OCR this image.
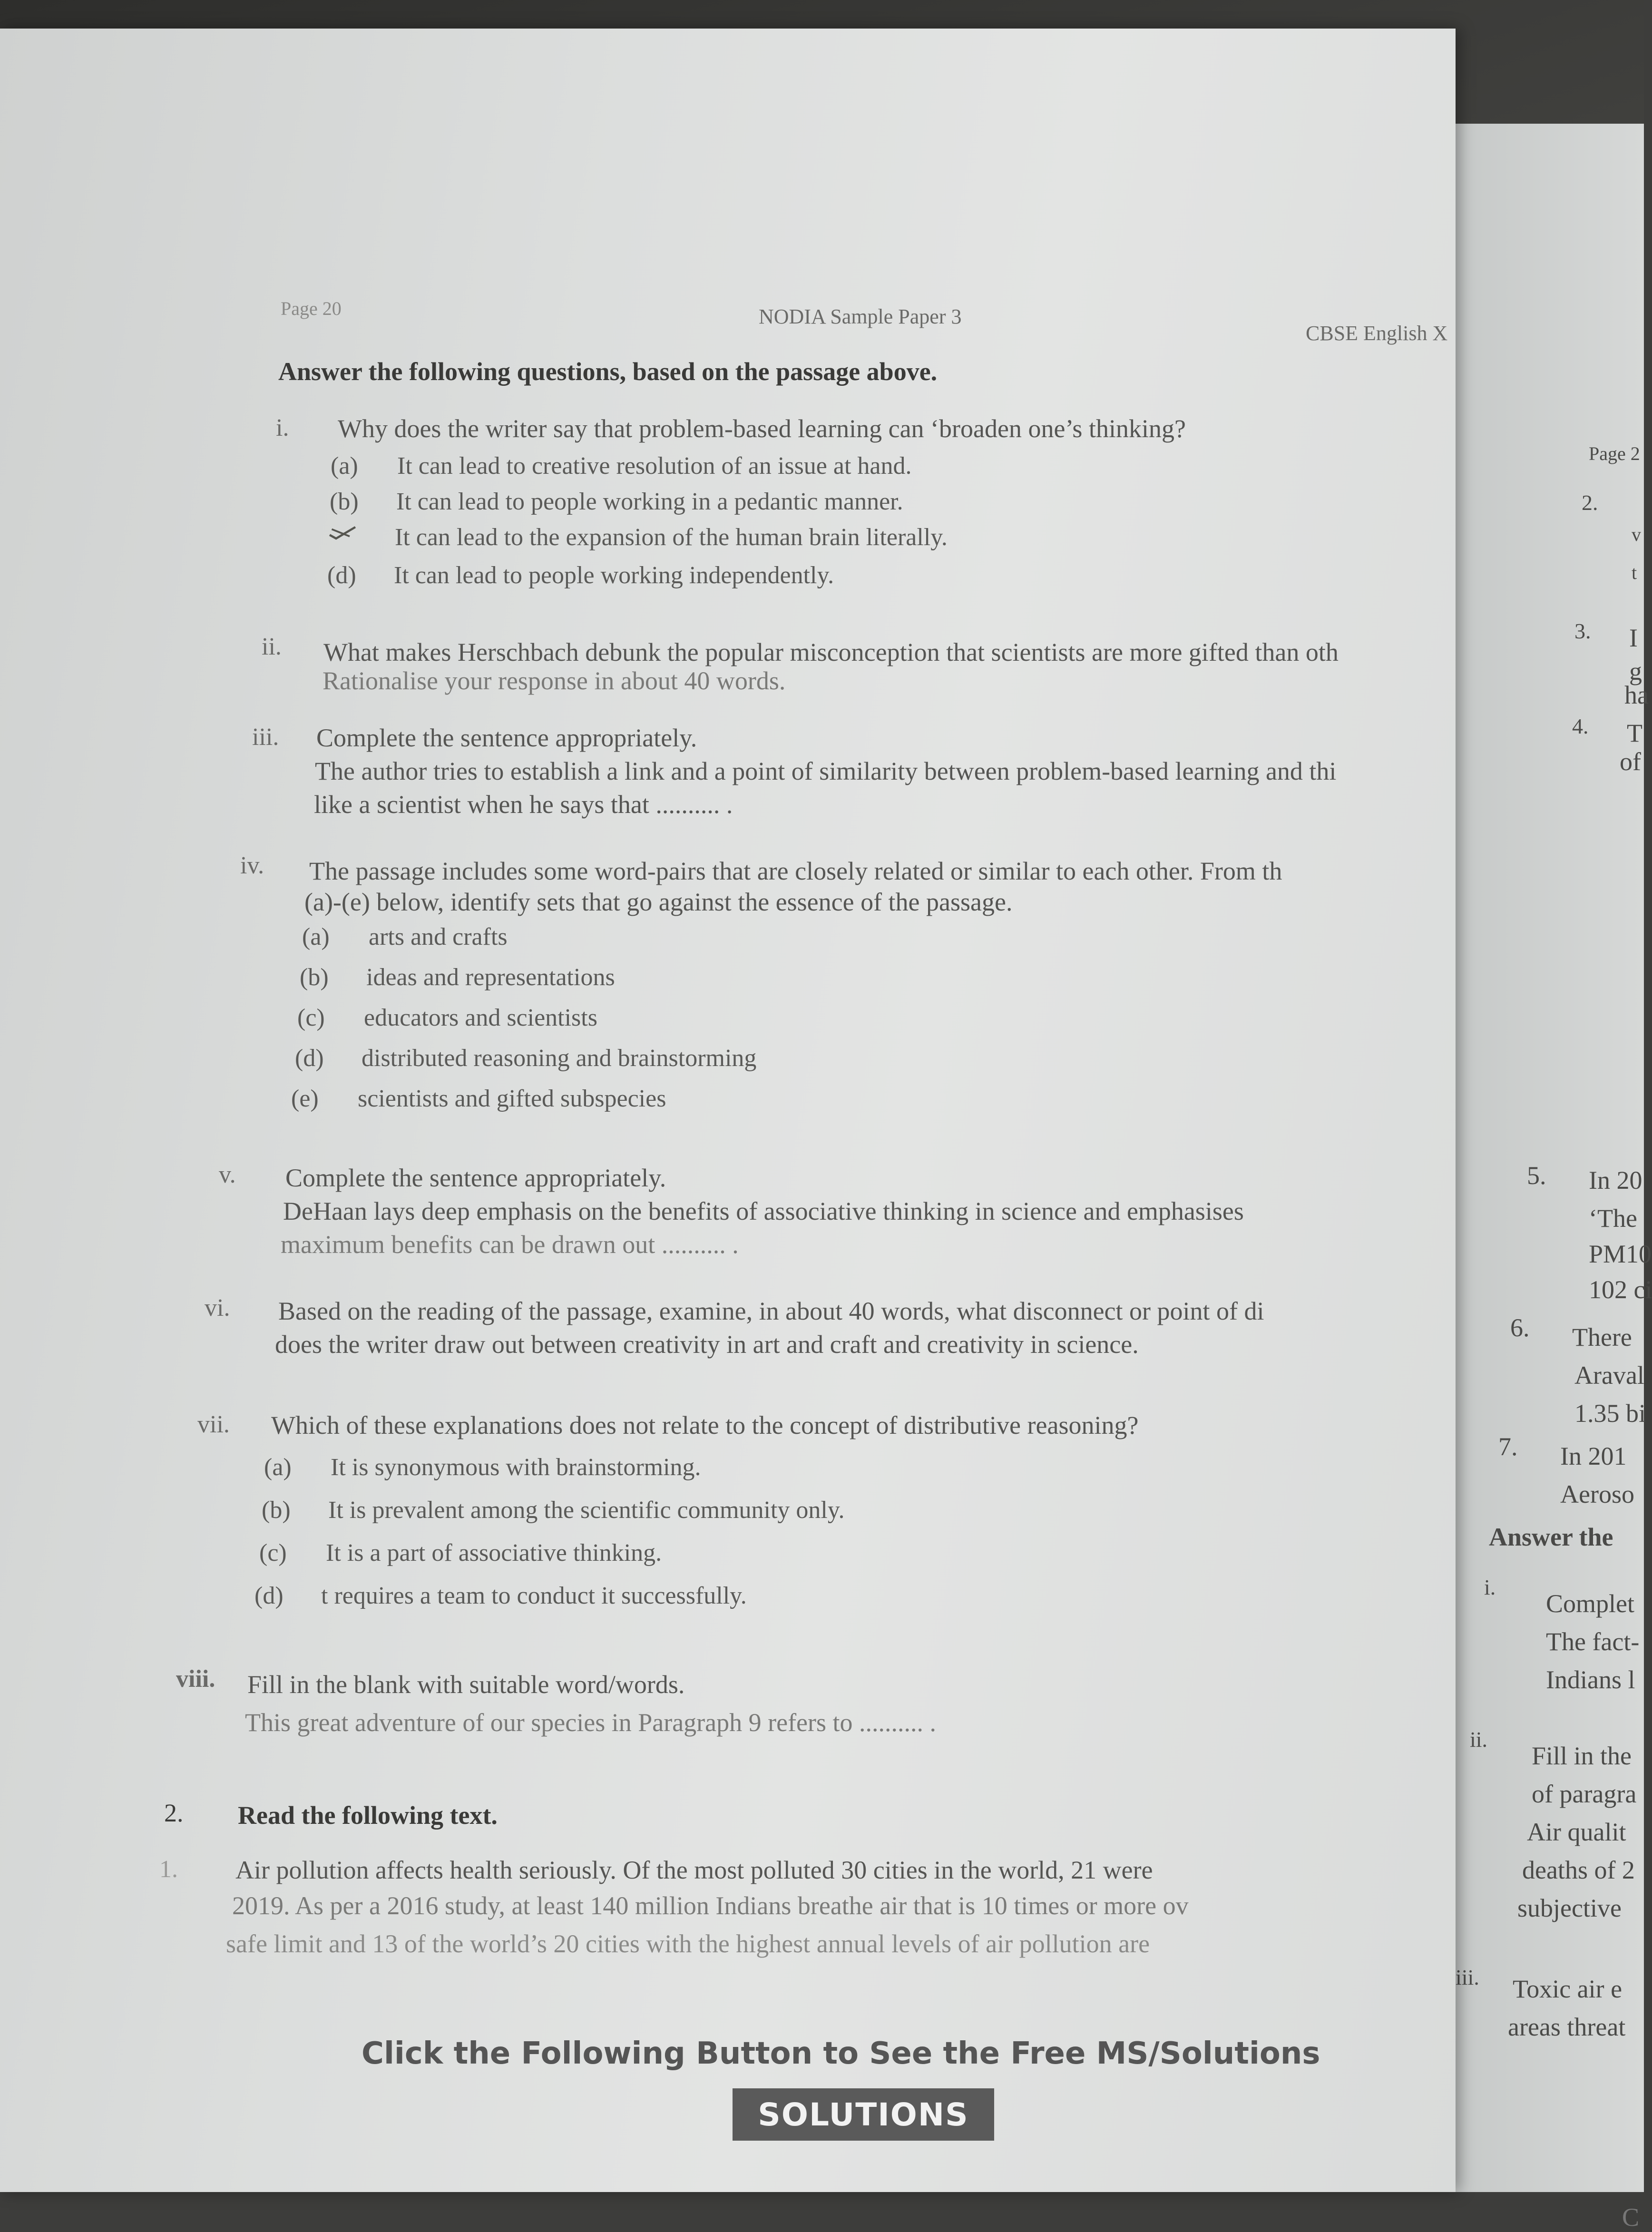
Page 2
2.
v
t
3. I
g
ha
4. T
of
5. In 20
‘The
PM10
102 ci
6. There
Araval
1.35 bi
7. In 201
Aeroso
Answer the
i.
Complet
The fact-
Indians l
ii.
Fill in the
of paragra
Air qualit
deaths of 2
subjective
iii. Toxic air e
areas threat
C
Page 20	NODIA Sample Paper 3
CBSE English X
Answer the following questions, based on the passage above.
i. Why does the writer say that problem-based learning can ‘broaden one’s thinking?
(a) It can lead to creative resolution of an issue at hand.
(b) It can lead to people working in a pedantic manner.
It can lead to the expansion of the human brain literally.
(d) It can lead to people working independently.
ii. What makes Herschbach debunk the popular misconception that scientists are more gifted than oth
Rationalise your response in about 40 words.
iii. Complete the sentence appropriately.
The author tries to establish a link and a point of similarity between problem-based learning and thi
like a scientist when he says that .......... .
iv. The passage includes some word-pairs that are closely related or similar to each other. From th
(a)-(e) below, identify sets that go against the essence of the passage.
(a) arts and crafts
(b) ideas and representations
(c) educators and scientists
(d) distributed reasoning and brainstorming
(e) scientists and gifted subspecies
v. Complete the sentence appropriately.
DeHaan lays deep emphasis on the benefits of associative thinking in science and emphasises
maximum benefits can be drawn out .......... .
vi. Based on the reading of the passage, examine, in about 40 words, what disconnect or point of di
does the writer draw out between creativity in art and craft and creativity in science.
vii. Which of these explanations does not relate to the concept of distributive reasoning?
(a) It is synonymous with brainstorming.
(b) It is prevalent among the scientific community only.
(c) It is a part of associative thinking.
(d) t requires a team to conduct it successfully.
viii. Fill in the blank with suitable word/words.
This great adventure of our species in Paragraph 9 refers to .......... .
2. Read the following text.
1. Air pollution affects health seriously. Of the most polluted 30 cities in the world, 21 were
2019. As per a 2016 study, at least 140 million Indians breathe air that is 10 times or more ov
safe limit and 13 of the world’s 20 cities with the highest annual levels of air pollution are
Click the Following Button to See the Free MS/Solutions
SOLUTIONS
